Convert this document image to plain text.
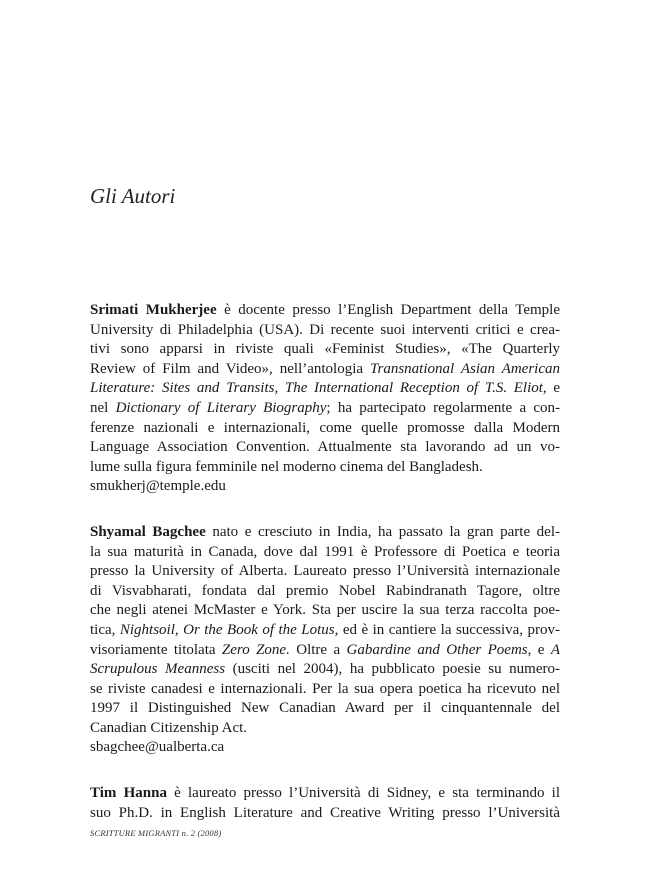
Gli Autori
Srimati Mukherjee è docente presso l’English Department della Temple
University di Philadelphia (USA). Di recente suoi interventi critici e crea-
tivi sono apparsi in riviste quali «Feminist Studies», «The Quarterly
Review of Film and Video», nell’antologia Transnational Asian American
Literature: Sites and Transits, The International Reception of T.S. Eliot, e
nel Dictionary of Literary Biography; ha partecipato regolarmente a con-
ferenze nazionali e internazionali, come quelle promosse dalla Modern
Language Association Convention. Attualmente sta lavorando ad un vo-
lume sulla figura femminile nel moderno cinema del Bangladesh.
smukherj@temple.edu
Shyamal Bagchee nato e cresciuto in India, ha passato la gran parte del-
la sua maturità in Canada, dove dal 1991 è Professore di Poetica e teoria
presso la University of Alberta. Laureato presso l’Università internazionale
di Visvabharati, fondata dal premio Nobel Rabindranath Tagore, oltre
che negli atenei McMaster e York. Sta per uscire la sua terza raccolta poe-
tica, Nightsoil, Or the Book of the Lotus, ed è in cantiere la successiva, prov-
visoriamente titolata Zero Zone. Oltre a Gabardine and Other Poems, e A
Scrupulous Meanness (usciti nel 2004), ha pubblicato poesie su numero-
se riviste canadesi e internazionali. Per la sua opera poetica ha ricevuto nel
1997 il Distinguished New Canadian Award per il cinquantennale del
Canadian Citizenship Act.
sbagchee@ualberta.ca
Tim Hanna è laureato presso l’Università di Sidney, e sta terminando il
suo Ph.D. in English Literature and Creative Writing presso l’Università
SCRITTURE MIGRANTI n. 2 (2008)
